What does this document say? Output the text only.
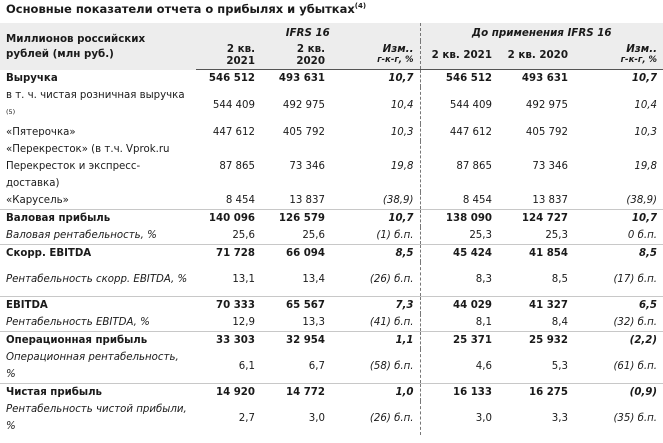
Основные показатели отчета о прибылях и убытках$^{(4)}$
Миллионов российских рублей (млн руб.)	IFRS 16			До применения IFRS 16		
	2 кв. 2021	2 кв. 2020	Изм..
г-к-г, %	2 кв. 2021	2 кв. 2020	Изм..
г-к-г, %

Выручка	546 512	493 631	10,7	546 512	493 631	10,7
в т. ч. чистая розничная выручка $^{(5)}$	544 409	492 975	10,4	544 409	492 975	10,4
«Пятерочка»	447 612	405 792	10,3	447 612	405 792	10,3
«Перекресток» (в т.ч. Vprok.ru Перекресток и экспресс-доставка)	87 865	73 346	19,8	87 865	73 346	19,8
«Карусель»	8 454	13 837	(38,9)	8 454	13 837	(38,9)
Валовая прибыль	140 096	126 579	10,7	138 090	124 727	10,7
Валовая рентабельность, %	25,6	25,6	(1) б.п.	25,3	25,3	0 б.п.
Скорр. EBITDA	71 728	66 094	8,5	45 424	41 854	8,5
Рентабельность скорр. EBITDA, %	13,1	13,4	(26) б.п.	8,3	8,5	(17) б.п.
EBITDA	70 333	65 567	7,3	44 029	41 327	6,5
Рентабельность EBITDA, %	12,9	13,3	(41) б.п.	8,1	8,4	(32) б.п.
Операционная прибыль	33 303	32 954	1,1	25 371	25 932	(2,2)
Операционная рентабельность, %	6,1	6,7	(58) б.п.	4,6	5,3	(61) б.п.
Чистая прибыль	14 920	14 772	1,0	16 133	16 275	(0,9)
Рентабельность чистой прибыли, %	2,7	3,0	(26) б.п.	3,0	3,3	(35) б.п.
